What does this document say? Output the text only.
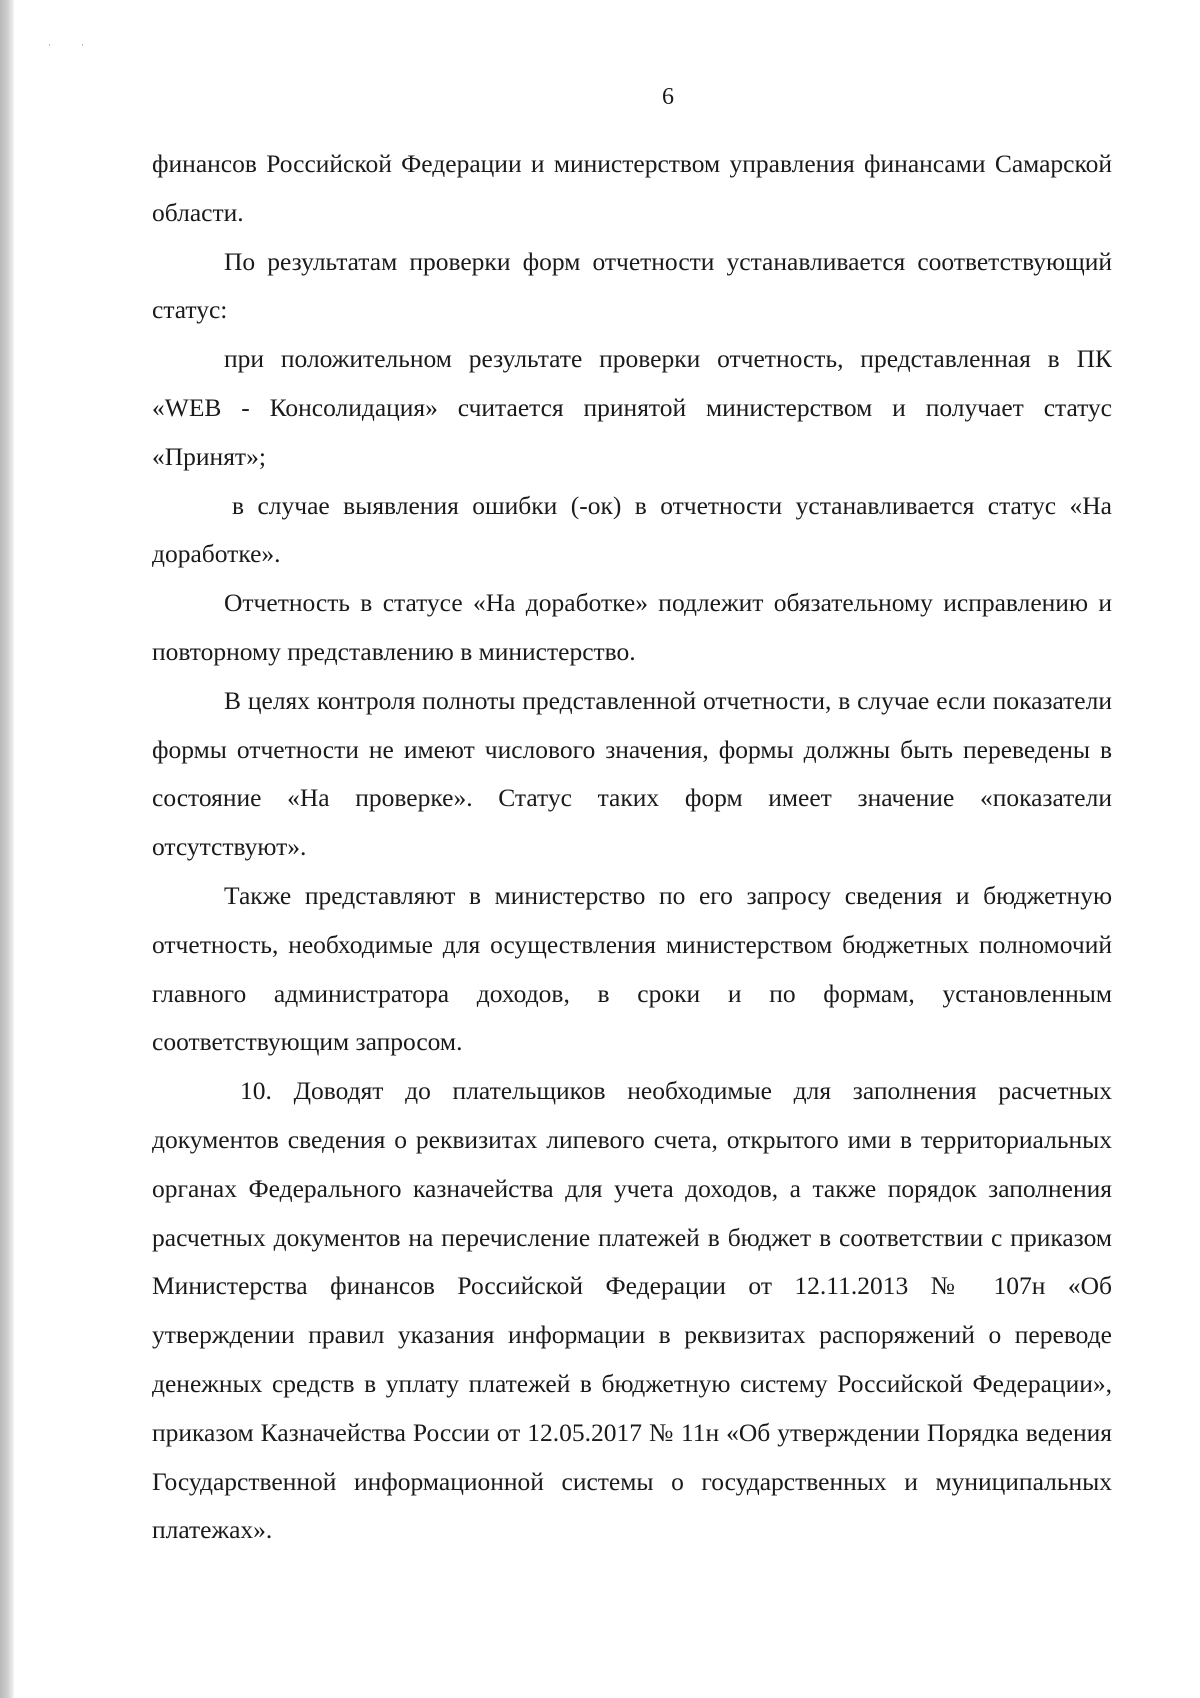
··
6

финансов Российской Федерации и министерством управления финансами Самарской области.

По результатам проверки форм отчетности устанавливается соответствующий статус:

при положительном результате проверки отчетность, представленная в ПК «WEB - Консолидация» считается принятой министерством и получает статус «Принят»;

в случае выявления ошибки (-ок) в отчетности устанавливается статус «На доработке».

Отчетность в статусе «На доработке» подлежит обязательному исправлению и повторному представлению в министерство.

В целях контроля полноты представленной отчетности, в случае если показатели формы отчетности не имеют числового значения, формы должны быть переведены в состояние «На проверке». Статус таких форм имеет значение «показатели отсутствуют».

Также представляют в министерство по его запросу сведения и бюджетную отчетность, необходимые для осуществления министерством бюджетных полномочий главного администратора доходов, в сроки и по формам, установленным соответствующим запросом.

10. Доводят до плательщиков необходимые для заполнения расчетных документов сведения о реквизитах липевого счета, открытого ими в территориальных органах Федерального казначейства для учета доходов, а также порядок заполнения расчетных документов на перечисление платежей в бюджет в соответствии с приказом Министерства финансов Российской Федерации от 12.11.2013 № 107н «Об утверждении правил указания информации в реквизитах распоряжений о переводе денежных средств в уплату платежей в бюджетную систему Российской Федерации», приказом Казначейства России от 12.05.2017 № 11н «Об утверждении Порядка ведения Государственной информационной системы о государственных и муниципальных платежах».
